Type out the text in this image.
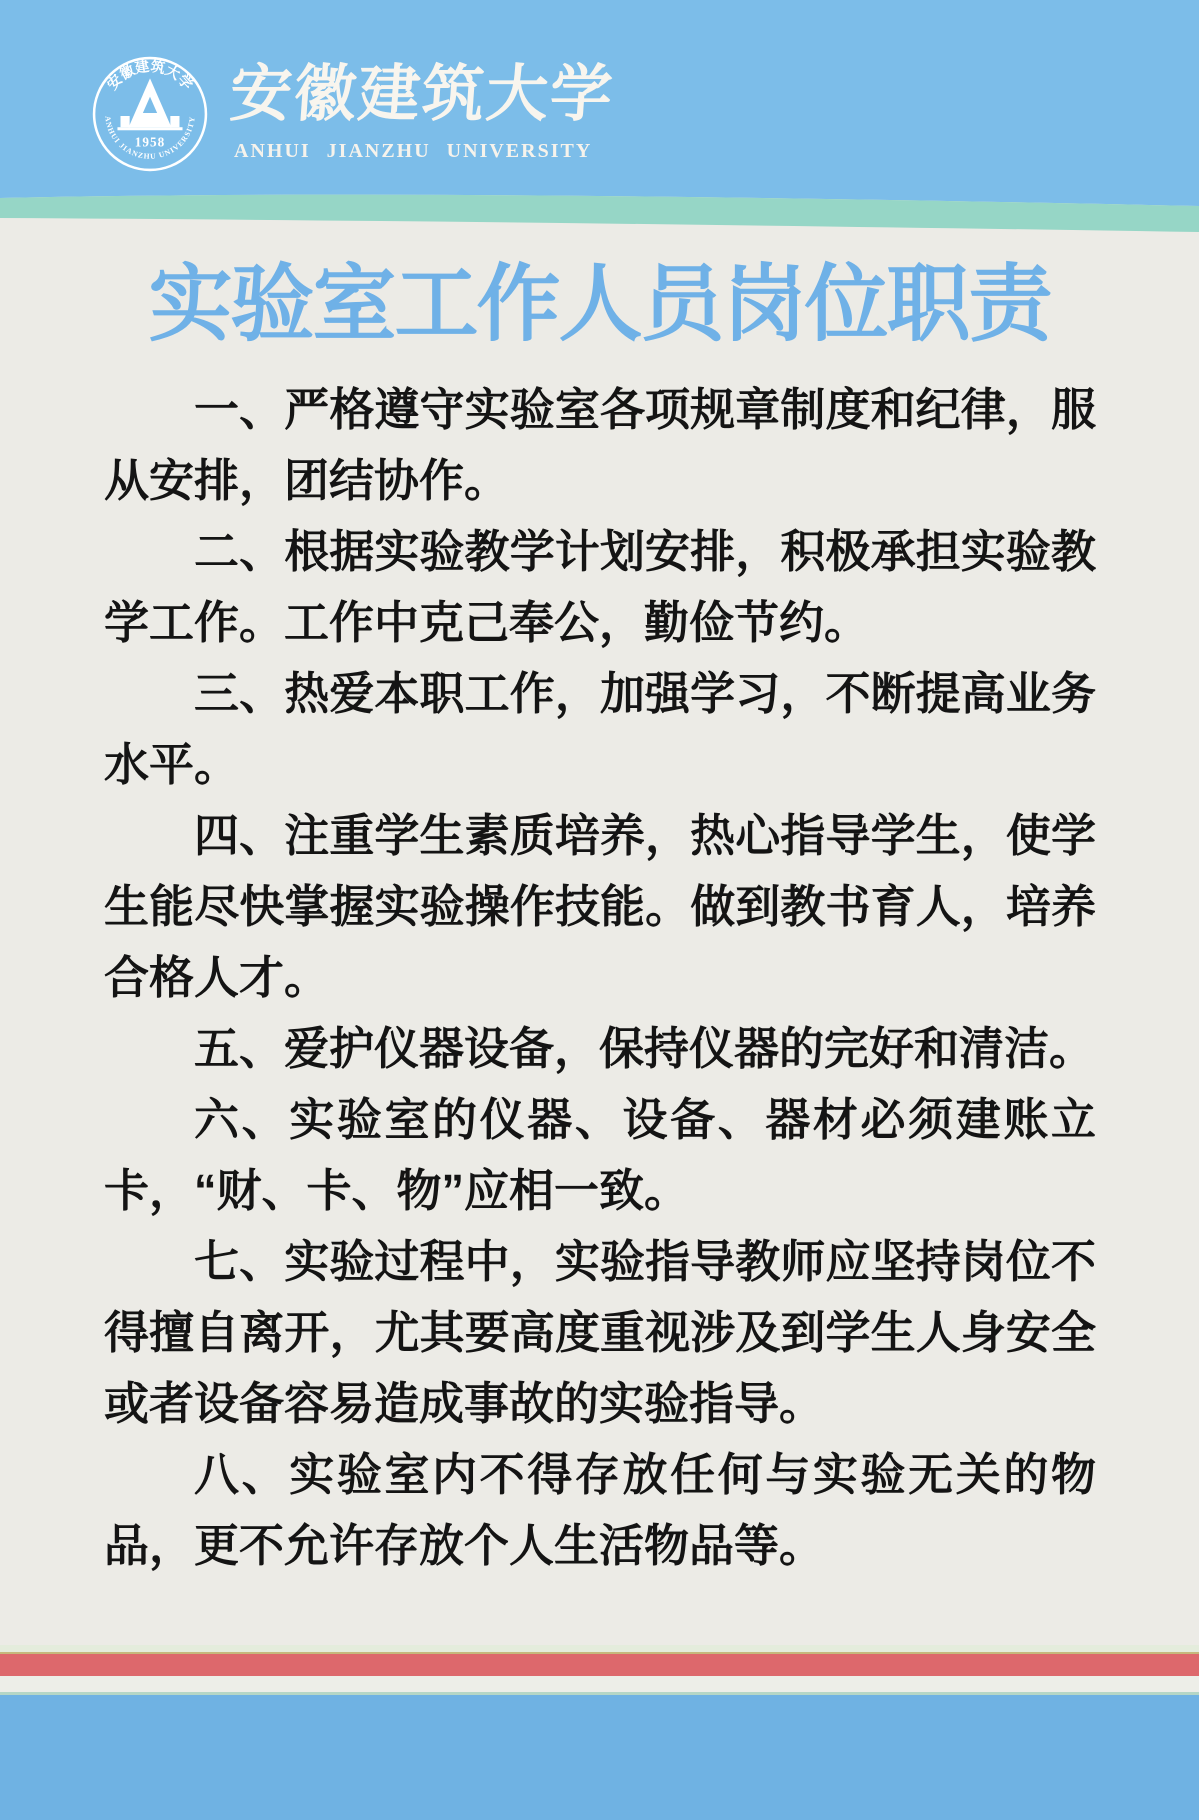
安徽建筑大学
ANHUI JIANZHU UNIVERSITY
1958
安徽建筑大学
ANHUI JIANZHU UNIVERSITY
实验室工作人员岗位职责

一、严格遵守实验室各项规章制度和纪律，服从安排，团结协作。

二、根据实验教学计划安排，积极承担实验教学工作。工作中克己奉公，勤俭节约。

三、热爱本职工作，加强学习，不断提高业务水平。

四、注重学生素质培养，热心指导学生，使学生能尽快掌握实验操作技能。做到教书育人，培养合格人才。

五、爱护仪器设备，保持仪器的完好和清洁。

六、实验室的仪器、设备、器材必须建账立卡，“财、卡、物”应相一致。

七、实验过程中，实验指导教师应坚持岗位不得擅自离开，尤其要高度重视涉及到学生人身安全或者设备容易造成事故的实验指导。

八、实验室内不得存放任何与实验无关的物品，更不允许存放个人生活物品等。
